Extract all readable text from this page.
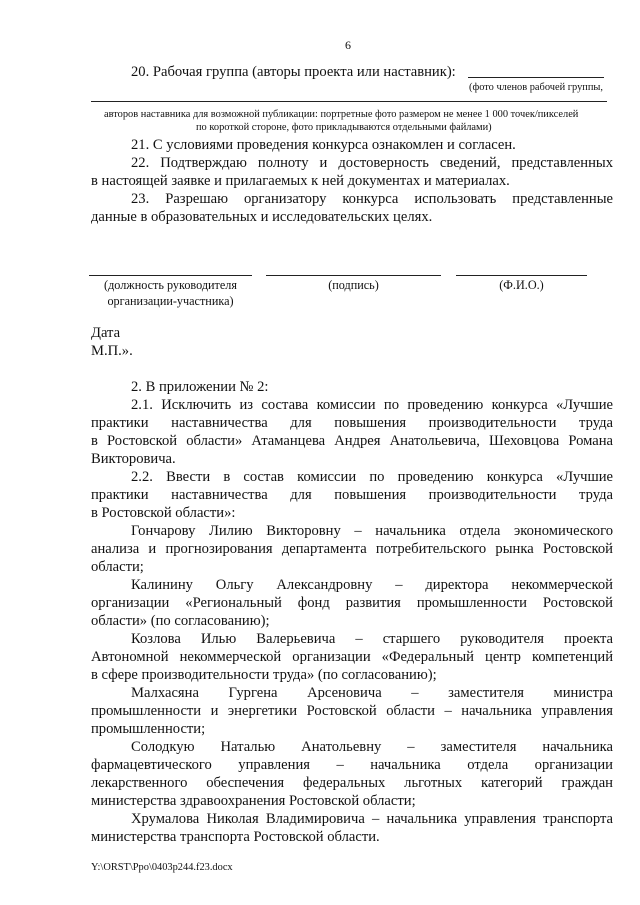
6
20. Рабочая группа (авторы проекта или наставник):
(фото членов рабочей группы,
авторов наставника для возможной публикации: портретные фото размером не менее 1 000 точек/пикселей
по короткой стороне, фото прикладываются отдельными файлами)
21. С условиями проведения конкурса ознакомлен и согласен.
22. Подтверждаю полноту и достоверность сведений, представленных
в настоящей заявке и прилагаемых к ней документах и материалах.
23. Разрешаю организатору конкурса использовать представленные
данные в образовательных и исследовательских целях.
(должность руководителя
организации-участника)
(подпись)	(Ф.И.О.)
Дата
М.П.».
2. В приложении № 2:
2.1. Исключить из состава комиссии по проведению конкурса «Лучшие
практики наставничества для повышения производительности труда
в Ростовской области» Атаманцева Андрея Анатольевича, Шеховцова Романа
Викторовича.
2.2. Ввести в состав комиссии по проведению конкурса «Лучшие
практики наставничества для повышения производительности труда
в Ростовской области»:
Гончарову Лилию Викторовну – начальника отдела экономического
анализа и прогнозирования департамента потребительского рынка Ростовской
области;
Калинину Ольгу Александровну – директора некоммерческой
организации «Региональный фонд развития промышленности Ростовской
области» (по согласованию);
Козлова Илью Валерьевича – старшего руководителя проекта
Автономной некоммерческой организации «Федеральный центр компетенций
в сфере производительности труда» (по согласованию);
Малхасяна Гургена Арсеновича – заместителя министра
промышленности и энергетики Ростовской области – начальника управления
промышленности;
Солодкую Наталью Анатольевну – заместителя начальника
фармацевтического управления – начальника отдела организации
лекарственного обеспечения федеральных льготных категорий граждан
министерства здравоохранения Ростовской области;
Хрумалова Николая Владимировича – начальника управления транспорта
министерства транспорта Ростовской области.
Y:\ORST\Ppo\0403p244.f23.docx
